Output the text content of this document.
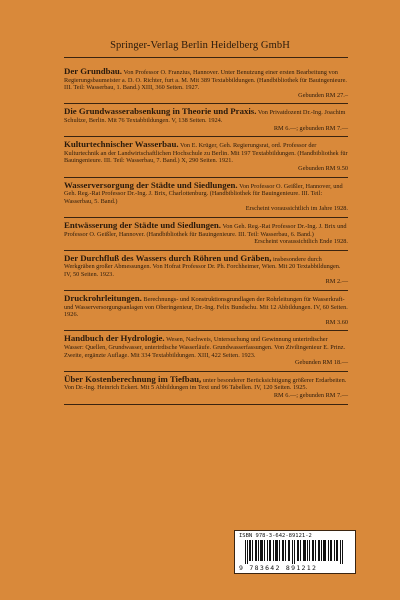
Springer-Verlag Berlin Heidelberg GmbH
Der Grundbau. Von Professor O. Franzius, Hannover. Unter Benutzung einer ersten Bearbeitung von Regierungsbaumeister a. D. O. Richter, furt a. M. Mit 389 Textabbildungen. (Handbibliothek für Bauingenieure. III. Teil: Wasserbau, 1. Band.) XIII, 360 Seiten. 1927.
Gebunden RM 27.–
Die Grundwasserabsenkung in Theorie und Praxis. Von Privatdozent Dr.-Ing. Joachim Schultze, Berlin. Mit 76 Textabbildungen. V, 138 Seiten. 1924.
RM 6.—; gebunden RM 7.—
Kulturtechnischer Wasserbau. Von E. Krüger, Geh. Regierungsrat, ord. Professor der Kulturtechnik an der Landwirtschaftlichen Hochschule zu Berlin. Mit 197 Textabbildungen. (Handbibliothek für Bauingenieure. III. Teil: Wasserbau, 7. Band.) X, 290 Seiten. 1921.
Gebunden RM 9.50
Wasserversorgung der Städte und Siedlungen. Von Professor O. Geißler, Hannover, und Geh. Reg.-Rat Professor Dr.-Ing. J. Brix, Charlottenburg. (Handbibliothek für Bauingenieure. III. Teil: Wasserbau, 5. Band.)
Erscheint voraussichtlich im Jahre 1928.
Entwässerung der Städte und Siedlungen. Von Geh. Reg.-Rat Professor Dr.-Ing. J. Brix und Professor O. Geißler, Hannover. (Handbibliothek für Bauingenieure. III. Teil: Wasserbau, 6. Band.)
Erscheint voraussichtlich Ende 1928.
Der Durchfluß des Wassers durch Röhren und Gräben, insbesondere durch Werkgräben großer Abmessungen. Von Hofrat Professor Dr. Ph. Forchheimer, Wien. Mit 20 Textabbildungen. IV, 50 Seiten. 1923.
RM 2.—
Druckrohrleitungen. Berechnungs- und Konstruktionsgrundlagen der Rohrleitungen für Wasserkraft- und Wasserversorgungsanlagen von Oberingenieur, Dr.-Ing. Felix Bundschu. Mit 12 Abbildungen. IV, 60 Seiten. 1926.
RM 3.60
Handbuch der Hydrologie. Wesen, Nachweis, Untersuchung und Gewinnung unterirdischer Wasser: Quellen, Grundwasser, unterirdische Wasserläufe. Grundwasserfassungen. Von Zivilingenieur E. Prinz. Zweite, ergänzte Auflage. Mit 334 Textabbildungen. XIII, 422 Seiten. 1923.
Gebunden RM 18.—
Über Kostenberechnung im Tiefbau, unter besonderer Berücksichtigung größerer Erdarbeiten. Von Dr.-Ing. Heinrich Eckert. Mit 5 Abbildungen im Text und 96 Tabellen. IV, 120 Seiten. 1925.
RM 6.—; gebunden RM 7.—
ISBN 978-3-642-89121-2
9 783642 891212
